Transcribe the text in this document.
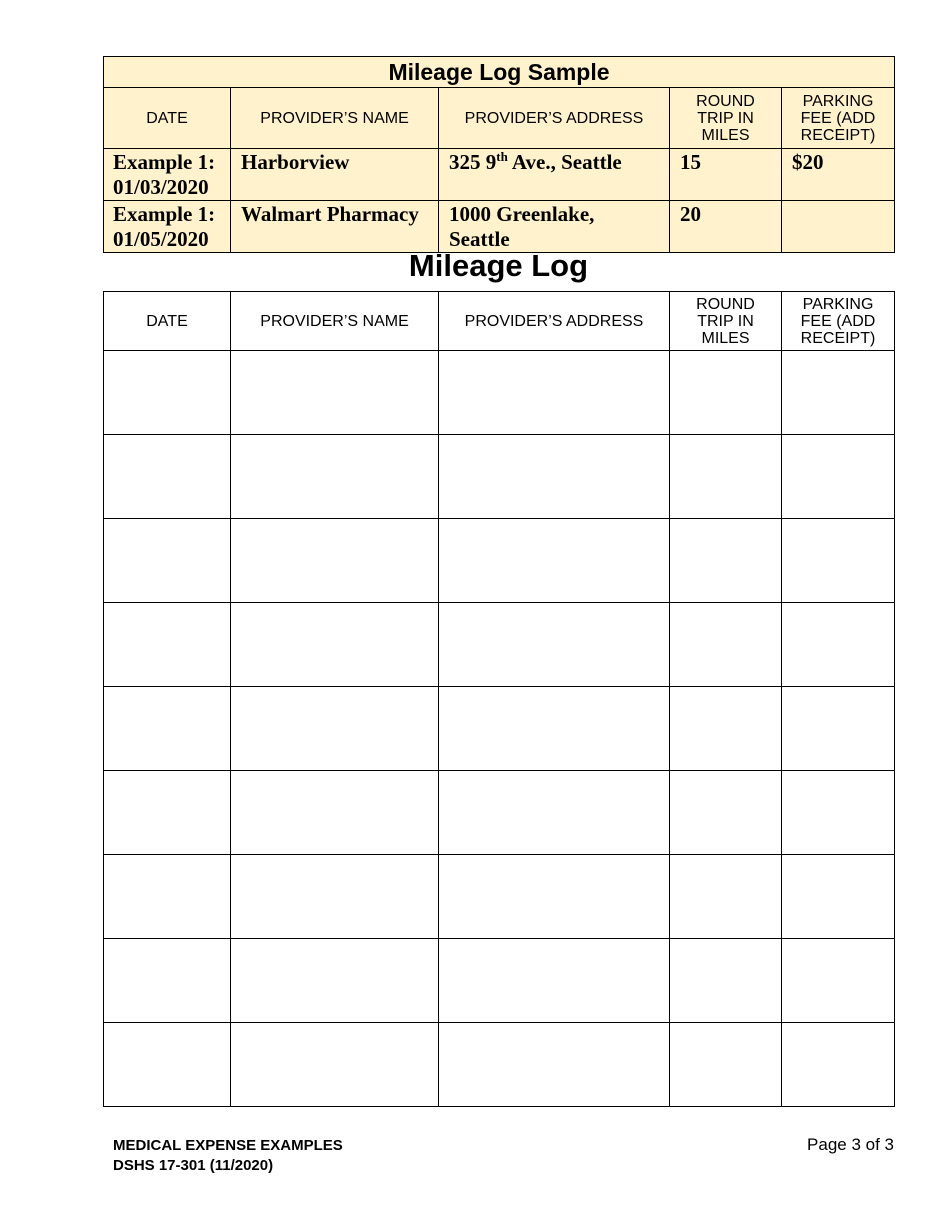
Mileage Log Sample				
DATE	PROVIDER’S NAME	PROVIDER’S ADDRESS	ROUND TRIP IN MILES	PARKING FEE (ADD RECEIPT)
Example 1: 01/03/2020	Harborview	325 9th Ave., Seattle	15	$20
Example 1: 01/05/2020	Walmart Pharmacy	1000 Greenlake, Seattle	20	
Mileage Log
DATE	PROVIDER’S NAME	PROVIDER’S ADDRESS	ROUND TRIP IN MILES	PARKING FEE (ADD RECEIPT)

MEDICAL EXPENSE EXAMPLES
DSHS 17-301 (11/2020)
Page 3 of 3
